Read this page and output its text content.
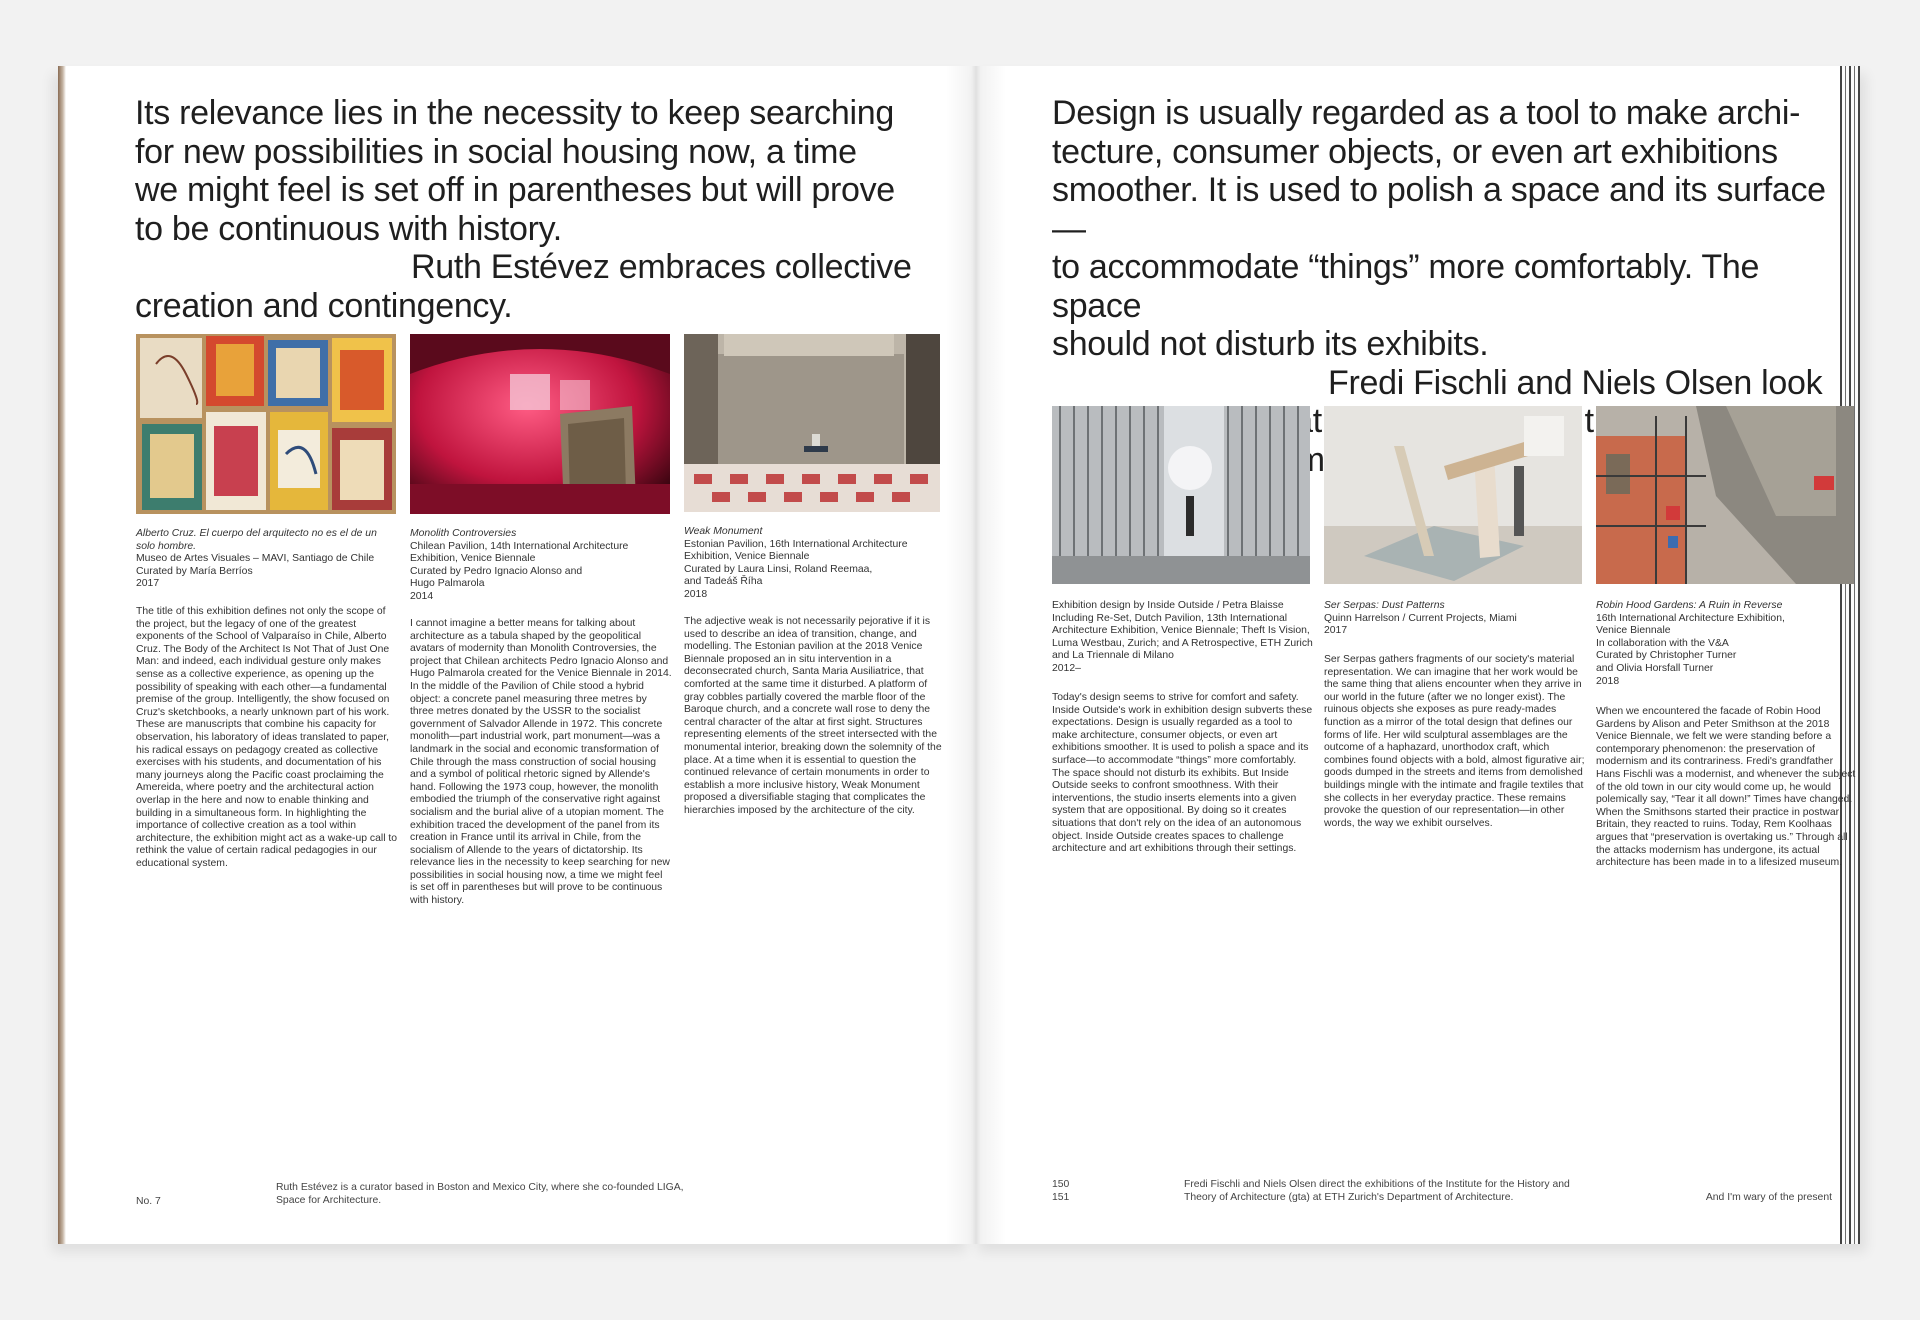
Its relevance lies in the necessity to keep searching

for new possibilities in social housing now, a time

we might feel is set off in parentheses but will prove

to be continuous with history.

Ruth Estévez embraces collective

creation and contingency.

Alberto Cruz. El cuerpo del arquitecto no es el de un solo hombre.
Museo de Artes Visuales – MAVI, Santiago de Chile
Curated by María Berríos
2017
The title of this exhibition defines not only the scope of the project, but the legacy of one of the greatest exponents of the School of Valparaíso in Chile, Alberto Cruz. The Body of the Architect Is Not That of Just One Man: and indeed, each individual gesture only makes sense as a collective experience, as opening up the possibility of speaking with each other—a fundamental premise of the group. Intelligently, the show focused on Cruz's sketchbooks, a nearly unknown part of his work. These are manuscripts that combine his capacity for observation, his laboratory of ideas translated to paper, his radical essays on pedagogy created as collective exercises with his students, and documentation of his many journeys along the Pacific coast proclaiming the Amereida, where poetry and the architectural action overlap in the here and now to enable thinking and building in a simultaneous form. In highlighting the importance of collective creation as a tool within architecture, the exhibition might act as a wake-up call to rethink the value of certain radical pedagogies in our educational system.
Monolith Controversies
Chilean Pavilion, 14th International Architecture
Exhibition, Venice Biennale
Curated by Pedro Ignacio Alonso and
Hugo Palmarola
2014
I cannot imagine a better means for talking about architecture as a tabula shaped by the geopolitical avatars of modernity than Monolith Controversies, the project that Chilean architects Pedro Ignacio Alonso and Hugo Palmarola created for the Venice Biennale in 2014. In the middle of the Pavilion of Chile stood a hybrid object: a concrete panel measuring three metres by three metres donated by the USSR to the socialist government of Salvador Allende in 1972. This concrete monolith—part industrial work, part monument—was a landmark in the social and economic transformation of Chile through the mass construction of social housing and a symbol of political rhetoric signed by Allende's hand. Following the 1973 coup, however, the monolith embodied the triumph of the conservative right against socialism and the burial alive of a utopian moment. The exhibition traced the development of the panel from its creation in France until its arrival in Chile, from the socialism of Allende to the years of dictatorship. Its relevance lies in the necessity to keep searching for new possibilities in social housing now, a time we might feel is set off in parentheses but will prove to be continuous with history.
Weak Monument
Estonian Pavilion, 16th International Architecture
Exhibition, Venice Biennale
Curated by Laura Linsi, Roland Reemaa,
and Tadeáš Říha
2018
The adjective weak is not necessarily pejorative if it is used to describe an idea of transition, change, and modelling. The Estonian pavilion at the 2018 Venice Biennale proposed an in situ intervention in a deconsecrated church, Santa Maria Ausiliatrice, that comforted at the same time it disturbed. A platform of gray cobbles partially covered the marble floor of the Baroque church, and a concrete wall rose to deny the central character of the altar at first sight. Structures representing elements of the street intersected with the monumental interior, breaking down the solemnity of the place. At a time when it is essential to question the continued relevance of certain monuments in order to establish a more inclusive history, Weak Monument proposed a diversifiable staging that complicates the hierarchies imposed by the architecture of the city.
No. 7
Ruth Estévez is a curator based in Boston and Mexico City, where she co-founded LIGA, Space for Architecture.

Design is usually regarded as a tool to make archi-

tecture, consumer objects, or even art exhibitions

smoother. It is used to polish a space and its surface—

to accommodate “things” more comfortably. The space

should not disturb its exhibits.

Fredi Fischli and Niels Olsen look

Exhibition design by Inside Outside / Petra Blaisse Including Re-Set, Dutch Pavilion, 13th International Architecture Exhibition, Venice Biennale; Theft Is Vision, Luma Westbau, Zurich; and A Retrospective, ETH Zurich and La Triennale di Milano
2012–
Today's design seems to strive for comfort and safety. Inside Outside's work in exhibition design subverts these expectations. Design is usually regarded as a tool to make architecture, consumer objects, or even art exhibitions smoother. It is used to polish a space and its surface—to accommodate “things” more comfortably. The space should not disturb its exhibits. But Inside Outside seeks to confront smoothness. With their interventions, the studio inserts elements into a given system that are oppositional. By doing so it creates situations that don't rely on the idea of an autonomous object. Inside Outside creates spaces to challenge architecture and art exhibitions through their settings.
Ser Serpas: Dust Patterns
Quinn Harrelson / Current Projects, Miami
2017
Ser Serpas gathers fragments of our society's material representation. We can imagine that her work would be the same thing that aliens encounter when they arrive in our world in the future (after we no longer exist). The ruinous objects she exposes as pure ready-mades function as a mirror of the total design that defines our forms of life. Her wild sculptural assemblages are the outcome of a haphazard, unorthodox craft, which combines found objects with a bold, almost figurative air; goods dumped in the streets and items from demolished buildings mingle with the intimate and fragile textiles that she collects in her everyday practice. These remains provoke the question of our representation—in other words, the way we exhibit ourselves.
Robin Hood Gardens: A Ruin in Reverse
16th International Architecture Exhibition,
Venice Biennale
In collaboration with the V&A
Curated by Christopher Turner
and Olivia Horsfall Turner
2018
When we encountered the facade of Robin Hood Gardens by Alison and Peter Smithson at the 2018 Venice Biennale, we felt we were standing before a contemporary phenomenon: the preservation of modernism and its contrariness. Fredi's grandfather Hans Fischli was a modernist, and whenever the subject of the old town in our city would come up, he would polemically say, “Tear it all down!” Times have changed. When the Smithsons started their practice in postwar Britain, they reacted to ruins. Today, Rem Koolhaas argues that “preservation is overtaking us.” Through all the attacks modernism has undergone, its actual architecture has been made in to a lifesized museum.
150
151
Fredi Fischli and Niels Olsen direct the exhibitions of the Institute for the History and Theory of Architecture (gta) at ETH Zurich's Department of Architecture.	And I'm wary of the present
